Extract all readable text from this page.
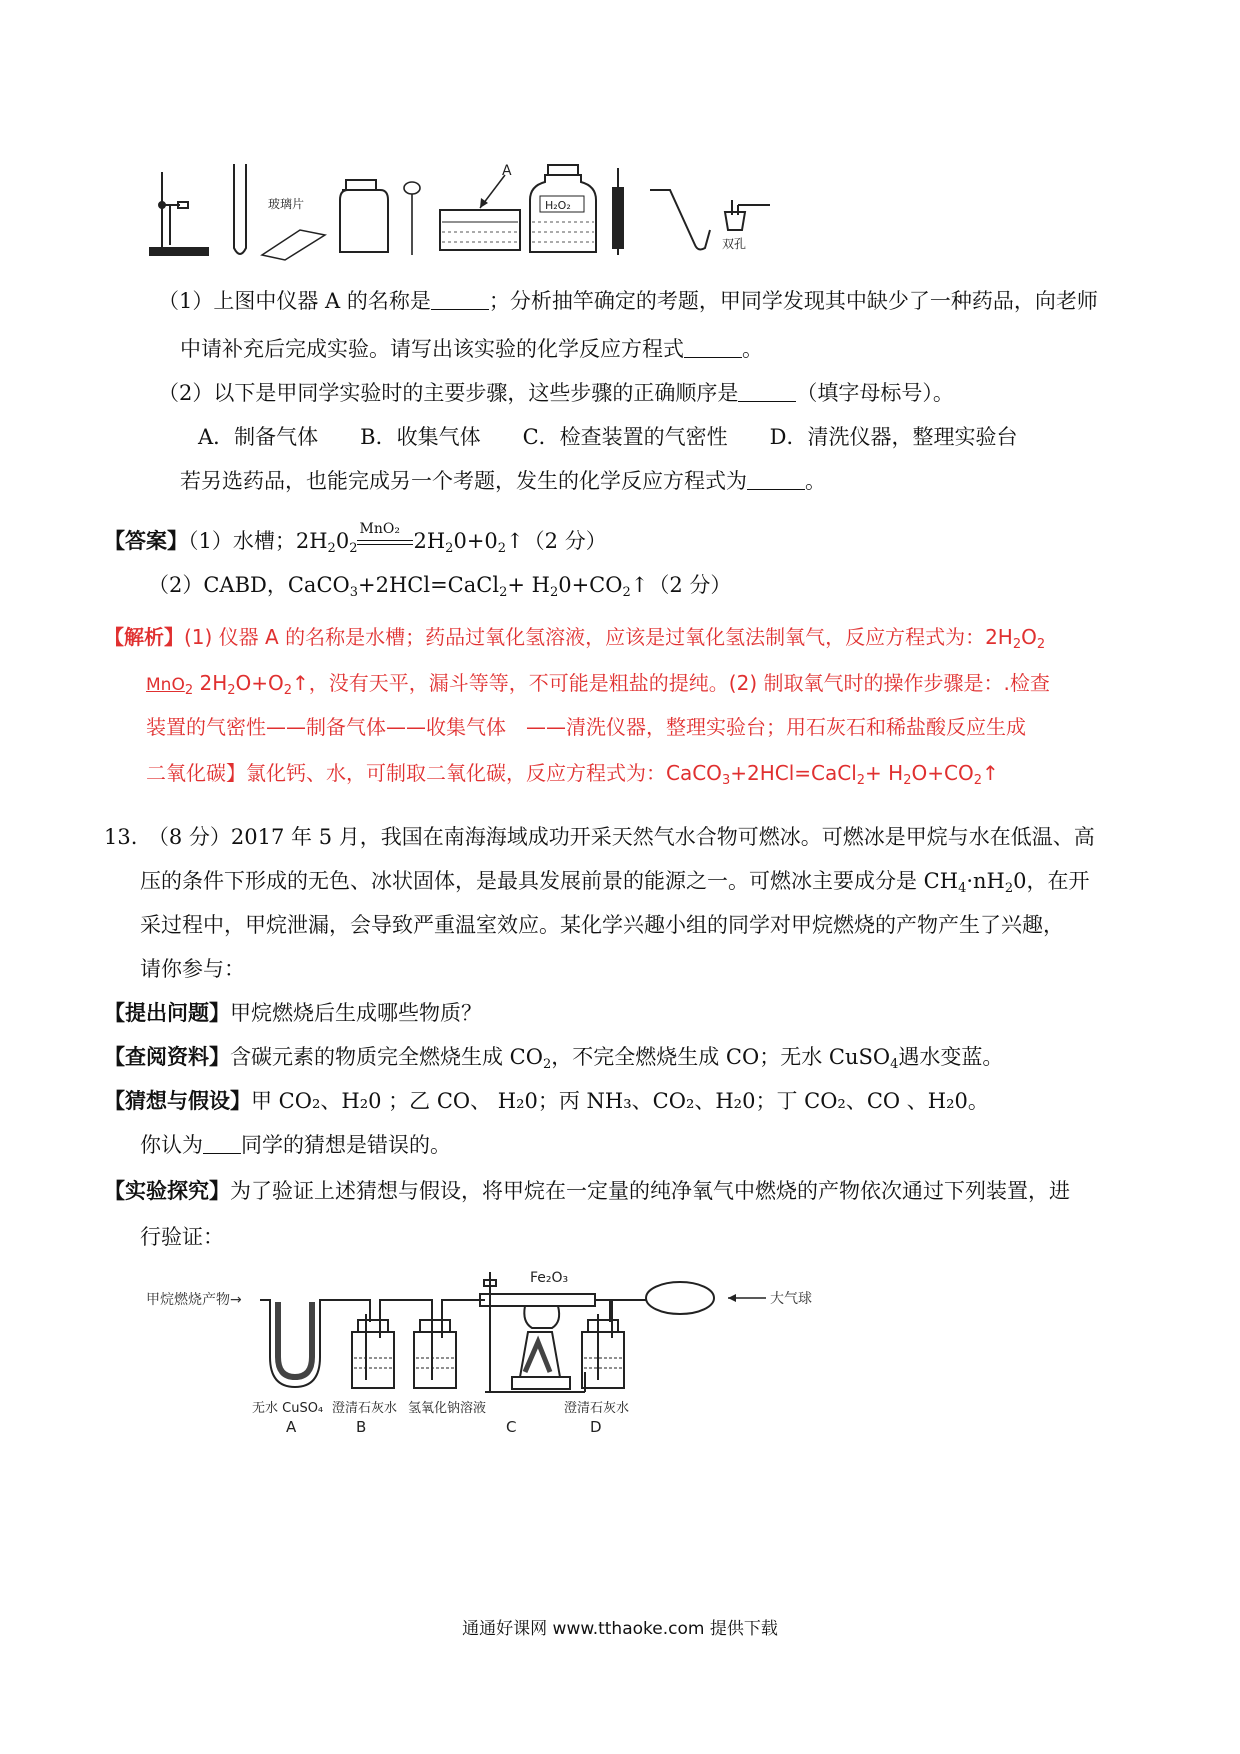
玻璃片
A
H₂O₂
双孔
（1）上图中仪器 A 的名称是	；分析抽竿确定的考题，甲同学发现其中缺少了一种药品，向老师
中请补充后完成实验。请写出该实验的化学反应方程式	。
（2）以下是甲同学实验时的主要步骤，这些步骤的正确顺序是	（填字母标号）。
A．制备气体　　B．收集气体　　C．检查装置的气密性　　D．清洗仪器，整理实验台
若另选药品，也能完成另一个考题，发生的化学反应方程式为	。
【答案】（1）水槽；$2H_20_2$
MnO₂
$2H_20+0_2↑(2$ 分）
（2）CABD，CaCO$_3$+2HCl=CaCl$_2$+ $H_20+CO_2↑(2$ 分）
【解析】(1) 仪器 A 的名称是水槽；药品过氧化氢溶液，应该是过氧化氢法制氧气，反应方程式为：$2H_2O_2$
MnO$_2$ $2H_2O+O_2↑$，没有天平，漏斗等等，不可能是粗盐的提纯。(2) 制取氧气时的操作步骤是：.检查
装置的气密性——制备气体——收集气体　——清洗仪器，整理实验台；用石灰石和稀盐酸反应生成
二氧化碳】氯化钙、水，可制取二氧化碳，反应方程式为：CaCO$_3$+2HCl=CaCl$_2$+ $H_2O+CO_2↑$
13.　（8 分）2017 年 5 月，我国在南海海域成功开采天然气水合物可燃冰。可燃冰是甲烷与水在低温、高
压的条件下形成的无色、冰状固体，是最具发展前景的能源之一。可燃冰主要成分是 $CH_4\cdot nH_20$，在开
采过程中，甲烷泄漏，会导致严重温室效应。某化学兴趣小组的同学对甲烷燃烧的产物产生了兴趣，
请你参与：
【提出问题】甲烷燃烧后生成哪些物质？
【查阅资料】含碳元素的物质完全燃烧生成 $CO_2$，不完全燃烧生成 CO；无水 CuSO$_4$遇水变蓝。
【猜想与假设】甲 CO₂、H₂0 ；乙 CO、 H₂0；丙 NH₃、CO₂、H₂0；丁 CO₂、CO 、H₂0。
你认为 同学的猜想是错误的。
【实验探究】为了验证上述猜想与假设，将甲烷在一定量的纯净氧气中燃烧的产物依次通过下列装置，进
行验证：
甲烷燃烧产物→
Fe₂O₃
大气球
无水 CuSO₄ 澄清石灰水 氢氧化钠溶液	澄清石灰水
A	B	C	D
通通好课网 www.tthaoke.com 提供下载
